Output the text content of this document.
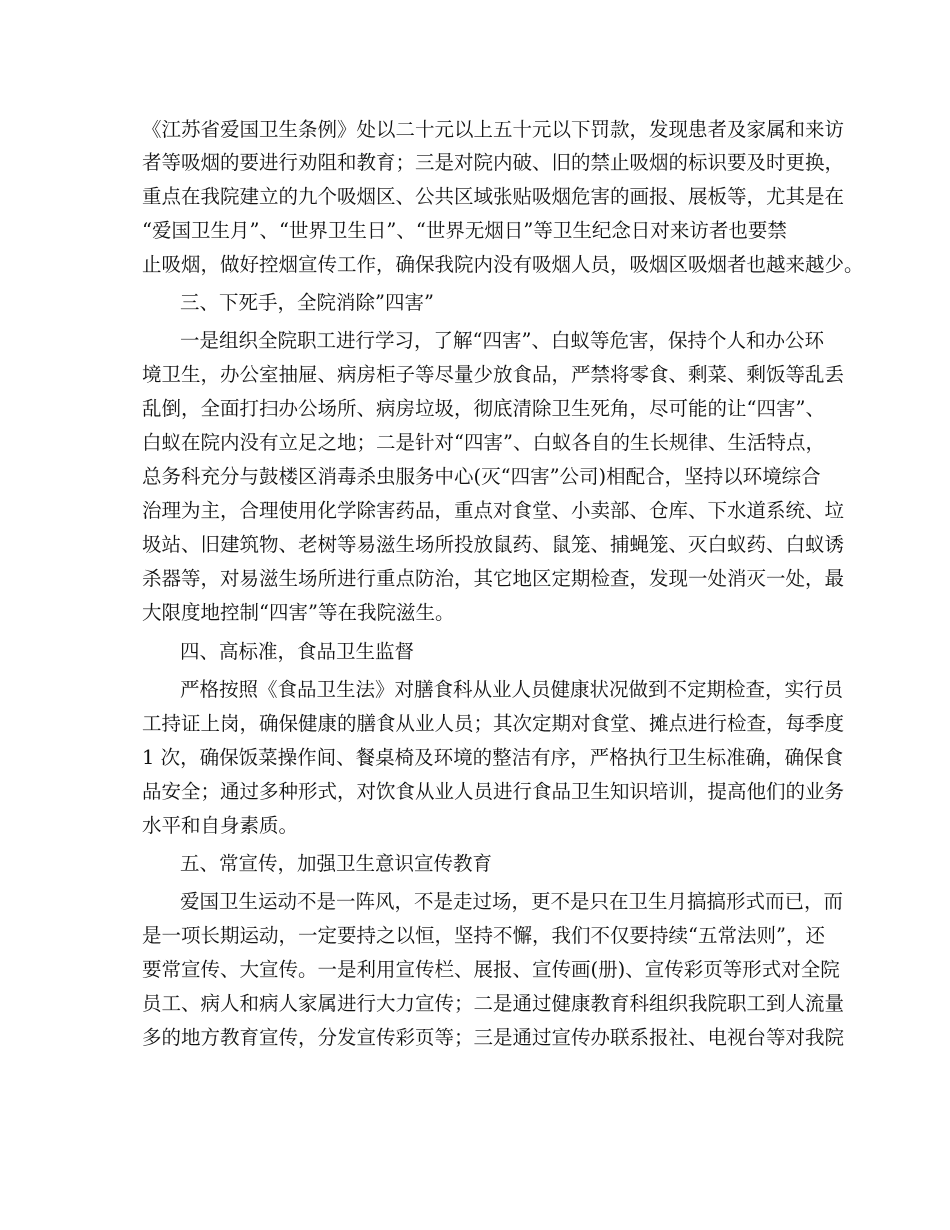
《江苏省爱国卫生条例》处以二十元以上五十元以下罚款，发现患者及家属和来访

者等吸烟的要进行劝阻和教育；三是对院内破、旧的禁止吸烟的标识要及时更换，

重点在我院建立的九个吸烟区、公共区域张贴吸烟危害的画报、展板等，尤其是在

“爱国卫生月”、“世界卫生日”、“世界无烟日”等卫生纪念日对来访者也要禁

止吸烟，做好控烟宣传工作，确保我院内没有吸烟人员，吸烟区吸烟者也越来越少。

三、下死手，全院消除”四害”

一是组织全院职工进行学习，了解“四害”、白蚁等危害，保持个人和办公环

境卫生，办公室抽屉、病房柜子等尽量少放食品，严禁将零食、剩菜、剩饭等乱丢

乱倒，全面打扫办公场所、病房垃圾，彻底清除卫生死角，尽可能的让“四害”、

白蚁在院内没有立足之地；二是针对“四害”、白蚁各自的生长规律、生活特点，

总务科充分与鼓楼区消毒杀虫服务中心(灭“四害”公司)相配合，坚持以环境综合

治理为主，合理使用化学除害药品，重点对食堂、小卖部、仓库、下水道系统、垃

圾站、旧建筑物、老树等易滋生场所投放鼠药、鼠笼、捕蝇笼、灭白蚁药、白蚁诱

杀器等，对易滋生场所进行重点防治，其它地区定期检查，发现一处消灭一处，最

大限度地控制“四害”等在我院滋生。

四、高标准，食品卫生监督

严格按照《食品卫生法》对膳食科从业人员健康状况做到不定期检查，实行员

工持证上岗，确保健康的膳食从业人员；其次定期对食堂、摊点进行检查，每季度

1 次，确保饭菜操作间、餐桌椅及环境的整洁有序，严格执行卫生标准确，确保食

品安全；通过多种形式，对饮食从业人员进行食品卫生知识培训，提高他们的业务

水平和自身素质。

五、常宣传，加强卫生意识宣传教育

爱国卫生运动不是一阵风，不是走过场，更不是只在卫生月搞搞形式而已，而

是一项长期运动，一定要持之以恒，坚持不懈，我们不仅要持续“五常法则”，还

要常宣传、大宣传。一是利用宣传栏、展报、宣传画(册)、宣传彩页等形式对全院

员工、病人和病人家属进行大力宣传；二是通过健康教育科组织我院职工到人流量

多的地方教育宣传，分发宣传彩页等；三是通过宣传办联系报社、电视台等对我院
